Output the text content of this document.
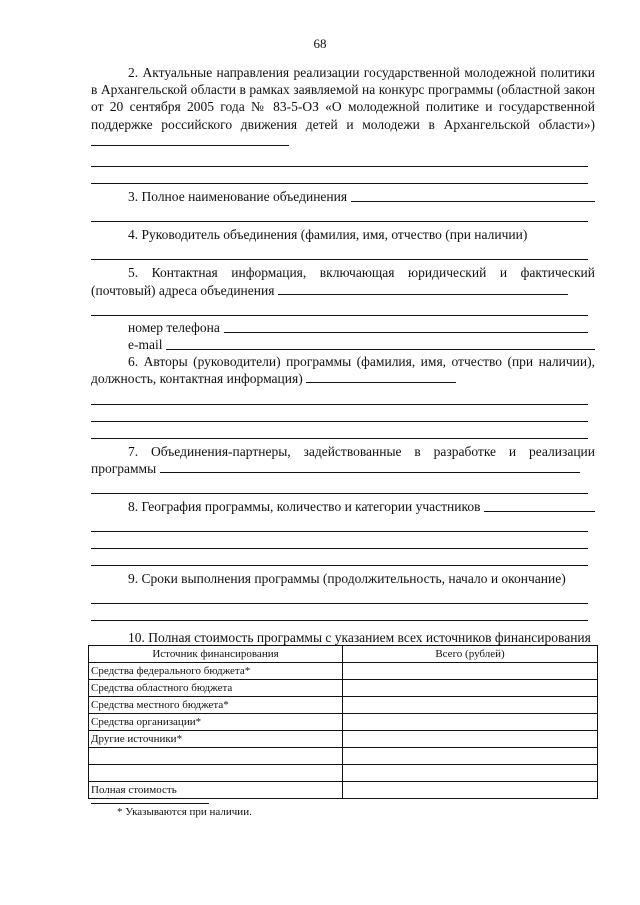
68

2. Актуальные направления реализации государственной молодежной политики в Архангельской области в рамках заявляемой на конкурс программы (областной закон от 20 сентября 2005 года № 83-5-ОЗ «О молодежной политике и государственной поддержке российского движения детей и молодежи в Архангельской области»)

3. Полное наименование объединения

4. Руководитель объединения (фамилия, имя, отчество (при наличии)

5. Контактная информация, включающая юридический и фактический (почтовый) адреса объединения

номер телефона
e-mail

6. Авторы (руководители) программы (фамилия, имя, отчество (при наличии), должность, контактная информация)

7. Объединения-партнеры, задействованные в разработке и реализации программы

8. География программы, количество и категории участников

9. Сроки выполнения программы (продолжительность, начало и окончание)

10. Полная стоимость программы с указанием всех источников финансирования

Источник финансирования	Всего (рублей)
Средства федерального бюджета*	
Средства областного бюджета	
Средства местного бюджета*	
Средства организации*	
Другие источники*	

Полная стоимость	
* Указываются при наличии.
